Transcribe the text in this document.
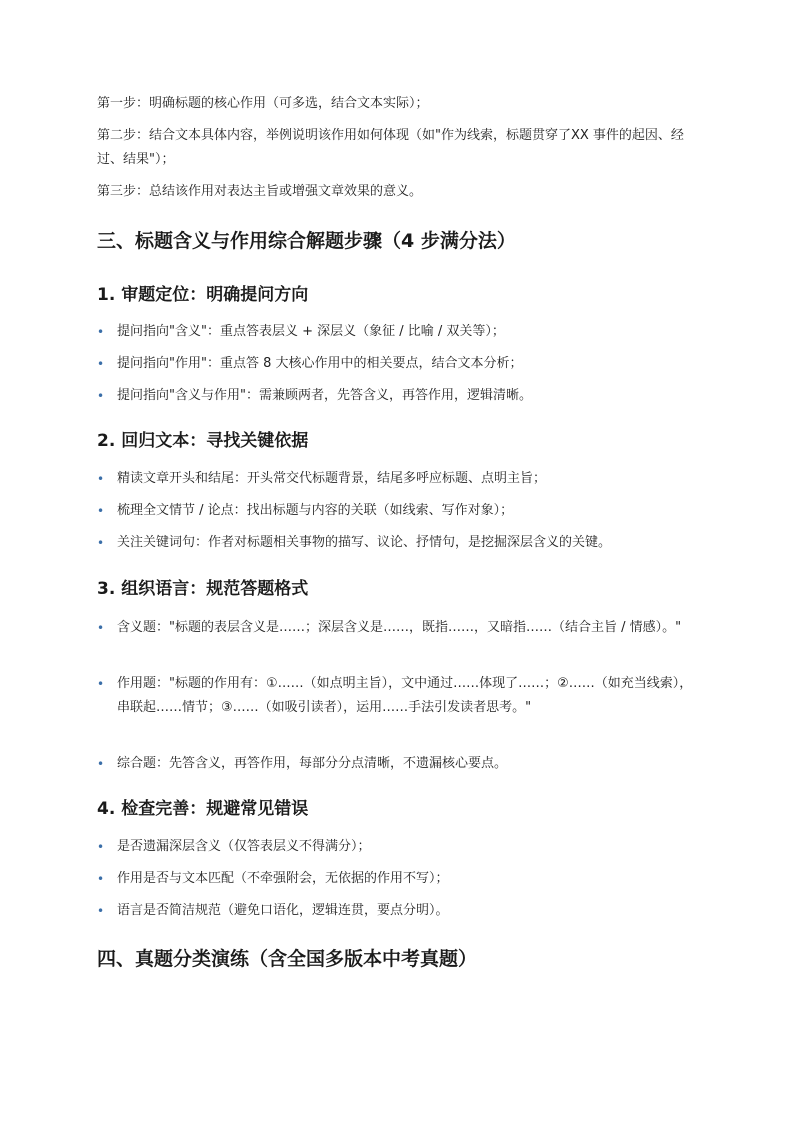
第一步：明确标题的核心作用（可多选，结合文本实际）；

第二步：结合文本具体内容，举例说明该作用如何体现（如"作为线索，标题贯穿了XX 事件的起因、经过、结果"）；

第三步：总结该作用对表达主旨或增强文章效果的意义。

三、标题含义与作用综合解题步骤（4 步满分法）
1. 审题定位：明确提问方向
• 提问指向"含义"：重点答表层义 + 深层义（象征 / 比喻 / 双关等）；
• 提问指向"作用"：重点答 8 大核心作用中的相关要点，结合文本分析；
• 提问指向"含义与作用"：需兼顾两者，先答含义，再答作用，逻辑清晰。
2. 回归文本：寻找关键依据
• 精读文章开头和结尾：开头常交代标题背景，结尾多呼应标题、点明主旨；
• 梳理全文情节 / 论点：找出标题与内容的关联（如线索、写作对象）；
• 关注关键词句：作者对标题相关事物的描写、议论、抒情句，是挖掘深层含义的关键。
3. 组织语言：规范答题格式
• 含义题："标题的表层含义是……；深层含义是……，既指……，又暗指……（结合主旨 / 情感）。"
• 作用题："标题的作用有：①……（如点明主旨），文中通过……体现了……；②……（如充当线索），串联起……情节；③……（如吸引读者），运用……手法引发读者思考。"
• 综合题：先答含义，再答作用，每部分分点清晰，不遗漏核心要点。
4. 检查完善：规避常见错误
• 是否遗漏深层含义（仅答表层义不得满分）；
• 作用是否与文本匹配（不牵强附会，无依据的作用不写）；
• 语言是否简洁规范（避免口语化，逻辑连贯，要点分明）。
四、真题分类演练（含全国多版本中考真题）
